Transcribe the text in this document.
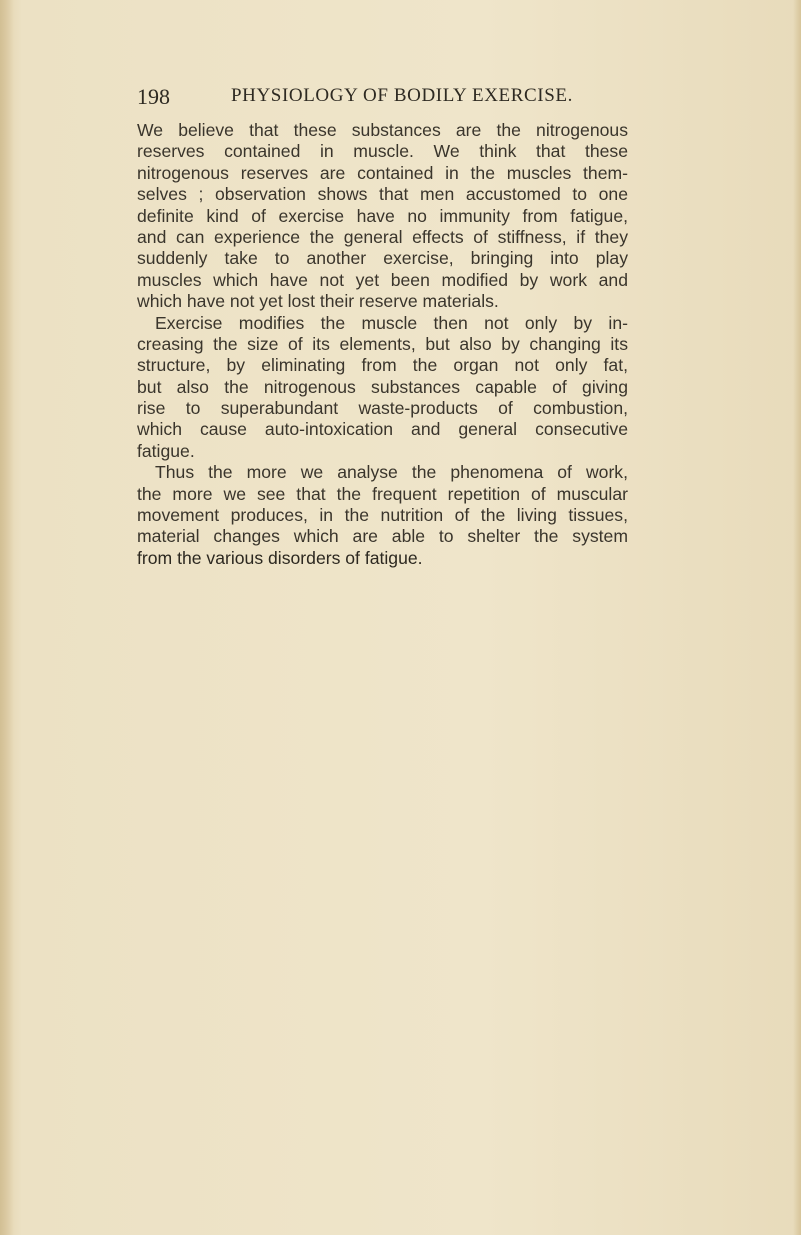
198	PHYSIOLOGY OF BODILY EXERCISE.
We believe that these substances are the nitrogenous
reserves contained in muscle. We think that these
nitrogenous reserves are contained in the muscles them-
selves ; observation shows that men accustomed to one
definite kind of exercise have no immunity from fatigue,
and can experience the general effects of stiffness, if they
suddenly take to another exercise, bringing into play
muscles which have not yet been modified by work and
which have not yet lost their reserve materials.
Exercise modifies the muscle then not only by in-
creasing the size of its elements, but also by changing its
structure, by eliminating from the organ not only fat,
but also the nitrogenous substances capable of giving
rise to superabundant waste-products of combustion,
which cause auto-intoxication and general consecutive
fatigue.
Thus the more we analyse the phenomena of work,
the more we see that the frequent repetition of muscular
movement produces, in the nutrition of the living tissues,
material changes which are able to shelter the system
from the various disorders of fatigue.
